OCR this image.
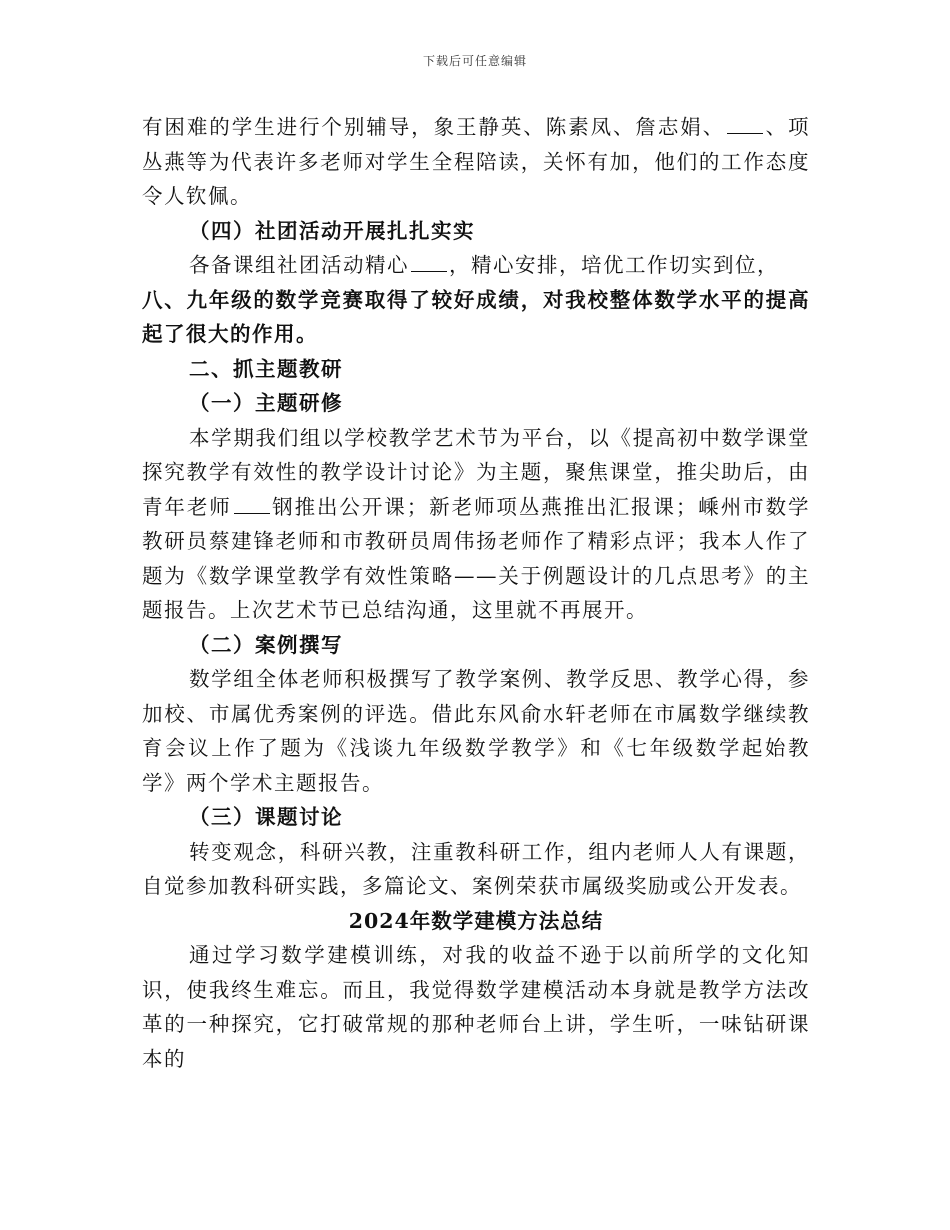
下载后可任意编辑

有困难的学生进行个别辅导，象王静英、陈素凤、詹志娟、 、项丛燕等为代表许多老师对学生全程陪读，关怀有加，他们的工作态度令人钦佩。

（四）社团活动开展扎扎实实

各备课组社团活动精心 ，精心安排，培优工作切实到位，

八、九年级的数学竞赛取得了较好成绩，对我校整体数学水平的提高起了很大的作用。

二、抓主题教研

（一）主题研修

本学期我们组以学校教学艺术节为平台，以《提高初中数学课堂探究教学有效性的教学设计讨论》为主题，聚焦课堂，推尖助后，由青年老师 钢推出公开课；新老师项丛燕推出汇报课；嵊州市数学教研员蔡建锋老师和市教研员周伟扬老师作了精彩点评；我本人作了题为《数学课堂教学有效性策略——关于例题设计的几点思考》的主题报告。上次艺术节已总结沟通，这里就不再展开。

（二）案例撰写

数学组全体老师积极撰写了教学案例、教学反思、教学心得，参加校、市属优秀案例的评选。借此东风俞水轩老师在市属数学继续教育会议上作了题为《浅谈九年级数学教学》和《七年级数学起始教学》两个学术主题报告。

（三）课题讨论

转变观念，科研兴教，注重教科研工作，组内老师人人有课题，自觉参加教科研实践，多篇论文、案例荣获市属级奖励或公开发表。

2024年数学建模方法总结

通过学习数学建模训练，对我的收益不逊于以前所学的文化知识，使我终生难忘。而且，我觉得数学建模活动本身就是教学方法改革的一种探究，它打破常规的那种老师台上讲，学生听，一味钻研课本的
